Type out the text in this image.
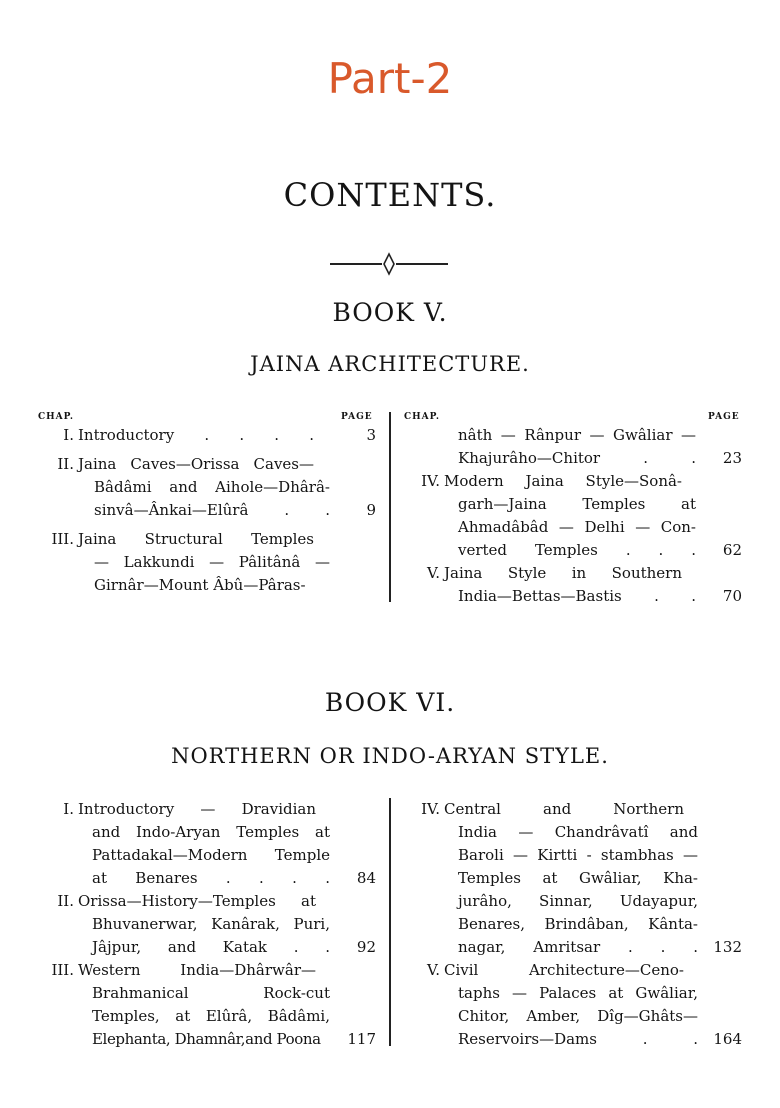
Part-2
CONTENTS.
BOOK V.
JAINA ARCHITECTURE.
CHAP.	PAGE	CHAP.	PAGE
I. Introductory . . . .	3
II. Jaina Caves—Orissa Caves—
Bâdâmi and Aihole—Dhârâ-
sinvâ—Ânkai—Elûrâ . .	9
III. Jaina Structural Temples
— Lakkundi — Pâlitânâ —
Girnâr—Mount Âbû—Pâras-
nâth — Rânpur — Gwâliar —
Khajurâho—Chitor . .	23
IV. Modern Jaina Style—Sonâ-
garh—Jaina Temples at
Ahmadâbâd — Delhi — Con-
verted Temples . . .	62
V. Jaina Style in Southern
India—Bettas—Bastis . .	70
BOOK VI.
NORTHERN OR INDO-ARYAN STYLE.
I. Introductory — Dravidian
and Indo-Aryan Temples at
Pattadakal—Modern Temple
at Benares . . . .	84
II. Orissa—History—Temples at
Bhuvanerwar, Kanârak, Puri,
Jâjpur, and Katak . .	92
III. Western India—Dhârwâr—
Brahmanical Rock-cut
Temples, at Elûrâ, Bâdâmi,
Elephanta, Dhamnâr,and Poona	117
IV. Central and Northern
India — Chandrâvatî and
Baroli — Kirtti - stambhas —
Temples at Gwâliar, Kha-
jurâho, Sinnar, Udayapur,
Benares, Brindâban, Kânta-
nagar, Amritsar . . .	132
V. Civil Architecture—Ceno-
taphs — Palaces at Gwâliar,
Chitor, Amber, Dîg—Ghâts—
Reservoirs—Dams . .	164
